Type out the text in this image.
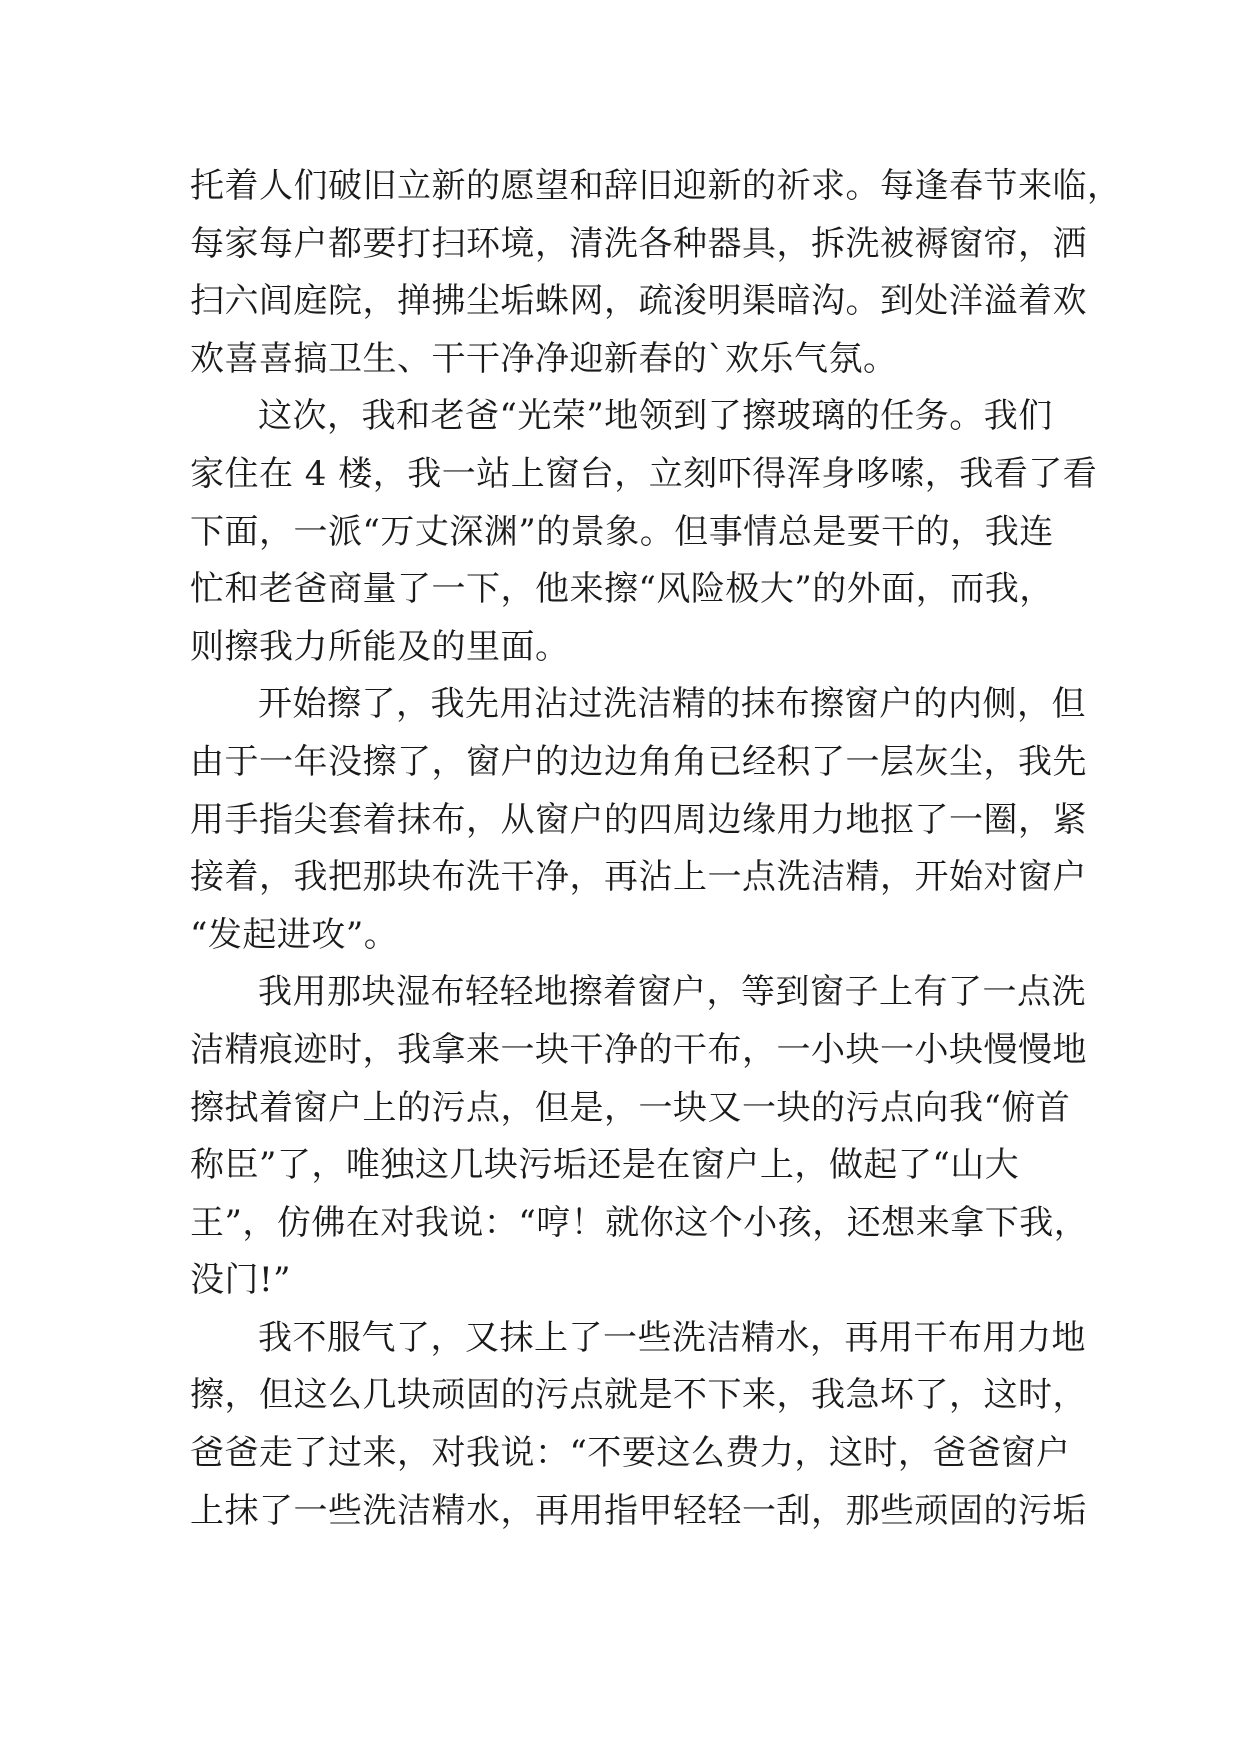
托着人们破旧立新的愿望和辞旧迎新的祈求。每逢春节来临，
每家每户都要打扫环境，清洗各种器具，拆洗被褥窗帘，洒
扫六闾庭院，掸拂尘垢蛛网，疏浚明渠暗沟。到处洋溢着欢
欢喜喜搞卫生、干干净净迎新春的`欢乐气氛。
这次，我和老爸“光荣”地领到了擦玻璃的任务。我们
家住在 4 楼，我一站上窗台，立刻吓得浑身哆嗦，我看了看
下面，一派“万丈深渊”的景象。但事情总是要干的，我连
忙和老爸商量了一下，他来擦“风险极大”的外面，而我，
则擦我力所能及的里面。
开始擦了，我先用沾过洗洁精的抹布擦窗户的内侧，但
由于一年没擦了，窗户的边边角角已经积了一层灰尘，我先
用手指尖套着抹布，从窗户的四周边缘用力地抠了一圈，紧
接着，我把那块布洗干净，再沾上一点洗洁精，开始对窗户
“发起进攻”。
我用那块湿布轻轻地擦着窗户，等到窗子上有了一点洗
洁精痕迹时，我拿来一块干净的干布，一小块一小块慢慢地
擦拭着窗户上的污点，但是，一块又一块的污点向我“俯首
称臣”了，唯独这几块污垢还是在窗户上，做起了“山大
王”，仿佛在对我说：“哼！就你这个小孩，还想来拿下我，
没门!”
我不服气了，又抹上了一些洗洁精水，再用干布用力地
擦，但这么几块顽固的污点就是不下来，我急坏了，这时，
爸爸走了过来，对我说：“不要这么费力，这时，爸爸窗户
上抹了一些洗洁精水，再用指甲轻轻一刮，那些顽固的污垢
